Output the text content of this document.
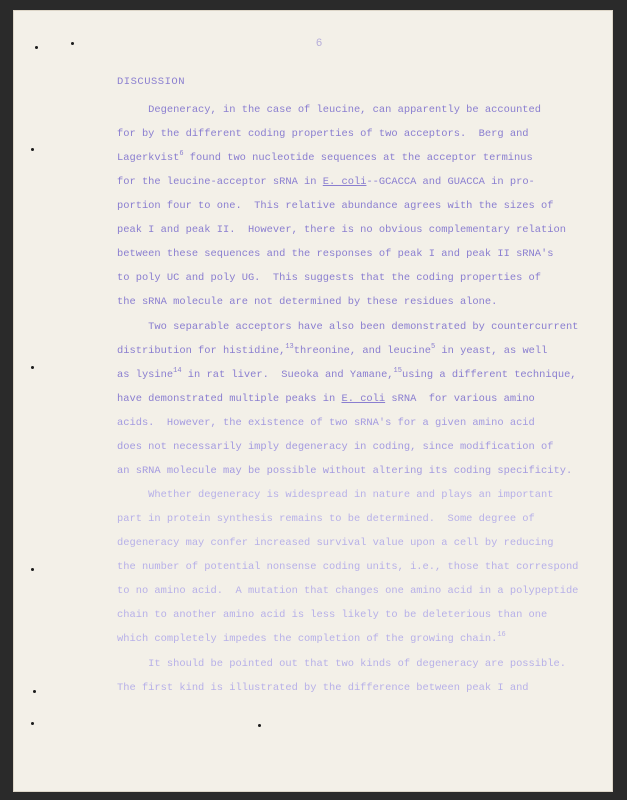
6
DISCUSSION
Degeneracy, in the case of leucine, can apparently be accounted
for by the different coding properties of two acceptors.  Berg and
Lagerkvist$^6$ found two nucleotide sequences at the acceptor terminus
for the leucine-acceptor sRNA in E. coli--GCACCA and GUACCA in pro-
portion four to one.  This relative abundance agrees with the sizes of
peak I and peak II.  However, there is no obvious complementary relation
between these sequences and the responses of peak I and peak II sRNA's
to poly UC and poly UG.  This suggests that the coding properties of
the sRNA molecule are not determined by these residues alone.
Two separable acceptors have also been demonstrated by countercurrent
distribution for histidine,$^{13}$threonine, and leucine$^5$ in yeast, as well
as lysine$^{14}$ in rat liver.  Sueoka and Yamane,$^{15}$using a different technique,
have demonstrated multiple peaks in E. coli sRNA  for various amino
acids.  However, the existence of two sRNA's for a given amino acid
does not necessarily imply degeneracy in coding, since modification of
an sRNA molecule may be possible without altering its coding specificity.
Whether degeneracy is widespread in nature and plays an important
part in protein synthesis remains to be determined.  Some degree of
degeneracy may confer increased survival value upon a cell by reducing
the number of potential nonsense coding units, i.e., those that correspond
to no amino acid.  A mutation that changes one amino acid in a polypeptide
chain to another amino acid is less likely to be deleterious than one
which completely impedes the completion of the growing chain.$^{16}$
It should be pointed out that two kinds of degeneracy are possible.
The first kind is illustrated by the difference between peak I and
